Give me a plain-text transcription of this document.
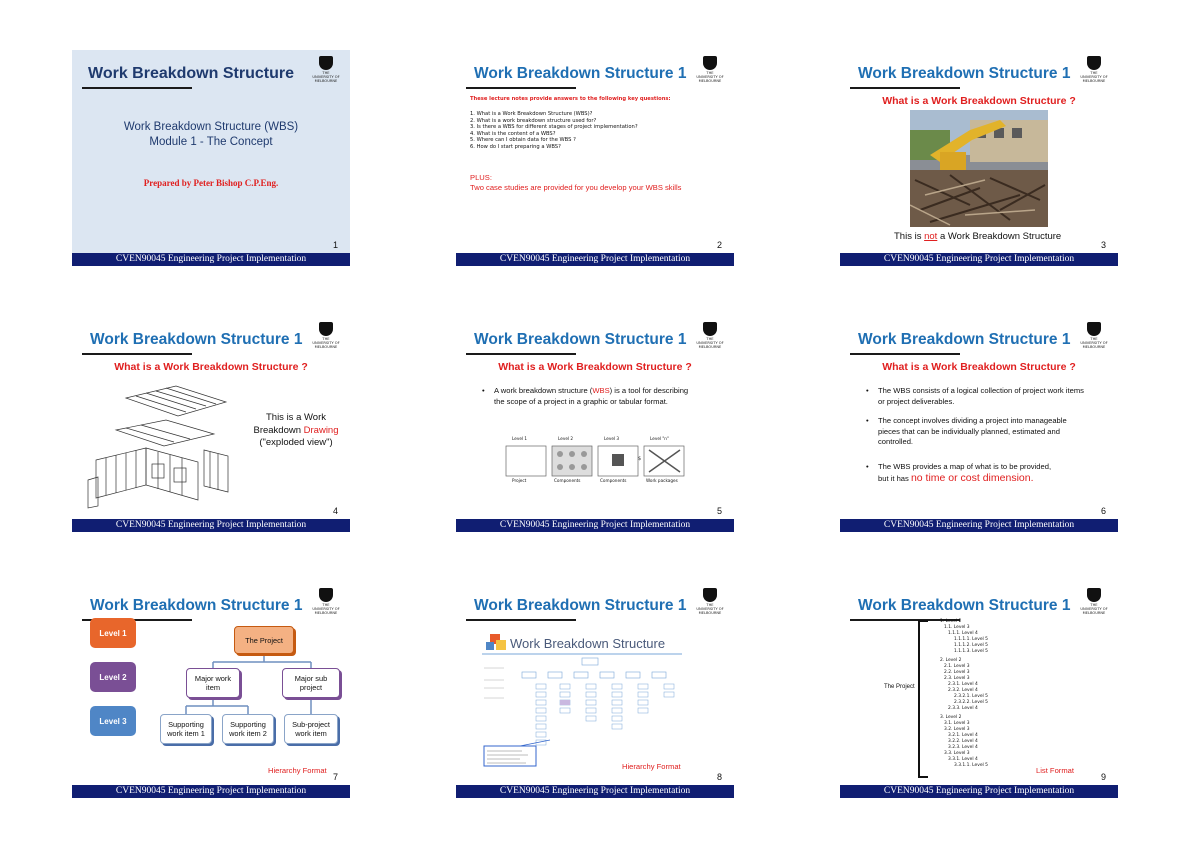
Work Breakdown Structure	THE UNIVERSITY OF
MELBOURNE
Work Breakdown Structure (WBS)
Module 1 - The Concept
Prepared by Peter Bishop C.P.Eng.
1
CVEN90045 Engineering Project Implementation
Work Breakdown Structure 1	THE UNIVERSITY OF
MELBOURNE
These lecture notes provide answers to the following key questions:
1. What is a Work Breakdown Structure (WBS)?
2. What is a work breakdown structure used for?
3. Is there a WBS for different stages of project implementation?
4. What is the content of a WBS?
5. Where can I obtain data for the WBS ?
6. How do I start preparing a WBS?
PLUS:
Two case studies are provided for you develop your WBS skills
2
CVEN90045 Engineering Project Implementation
Work Breakdown Structure 1	THE UNIVERSITY OF
MELBOURNE
What is a Work Breakdown Structure ?
This is not a Work Breakdown Structure
3
CVEN90045 Engineering Project Implementation
Work Breakdown Structure 1	THE UNIVERSITY OF
MELBOURNE
What is a Work Breakdown Structure ?
This is a Work
Breakdown Drawing
("exploded view")
4
CVEN90045 Engineering Project Implementation
Work Breakdown Structure 1	THE UNIVERSITY OF
MELBOURNE
What is a Work Breakdown Structure ?
• A work breakdown structure (WBS) is a tool for describing the scope of a project in a graphic or tabular format.
$
Level 1	Level 2	Level 3	Level "n"
Project	Components	Components	Work packages
5
CVEN90045 Engineering Project Implementation
Work Breakdown Structure 1	THE UNIVERSITY OF
MELBOURNE
What is a Work Breakdown Structure ?
• The WBS consists of a logical collection of project work items or project deliverables.
• The concept involves dividing a project into manageable pieces that can be individually planned, estimated and controlled.
• The WBS provides a map of what is to be provided,
but it has no time or cost dimension.
6
CVEN90045 Engineering Project Implementation
Work Breakdown Structure 1	THE UNIVERSITY OF
MELBOURNE
Level 1
Level 2
Level 3
The Project
Major work item
Major sub project
Supporting work item 1
Supporting work item 2
Sub-project work item
Hierarchy Format
7
CVEN90045 Engineering Project Implementation
Work Breakdown Structure 1	THE UNIVERSITY OF
MELBOURNE
Work Breakdown Structure
Hierarchy Format
8
CVEN90045 Engineering Project Implementation
Work Breakdown Structure 1	THE UNIVERSITY OF
MELBOURNE
The Project
1. Level 2
1.1. Level 3
1.1.1. Level 4
1.1.1.1. Level 5
1.1.1.2. Level 5
1.1.1.3. Level 5
2. Level 2
2.1. Level 3
2.2. Level 3
2.3. Level 3
2.3.1. Level 4
2.3.2. Level 4
2.3.2.1. Level 5
2.3.2.2. Level 5
2.3.3. Level 4
3. Level 2
3.1. Level 3
3.2. Level 3
3.2.1. Level 4
3.2.2. Level 4
3.2.3. Level 4
3.3. Level 3
3.3.1. Level 4
3.3.1.1. Level 5
List Format
9
CVEN90045 Engineering Project Implementation
